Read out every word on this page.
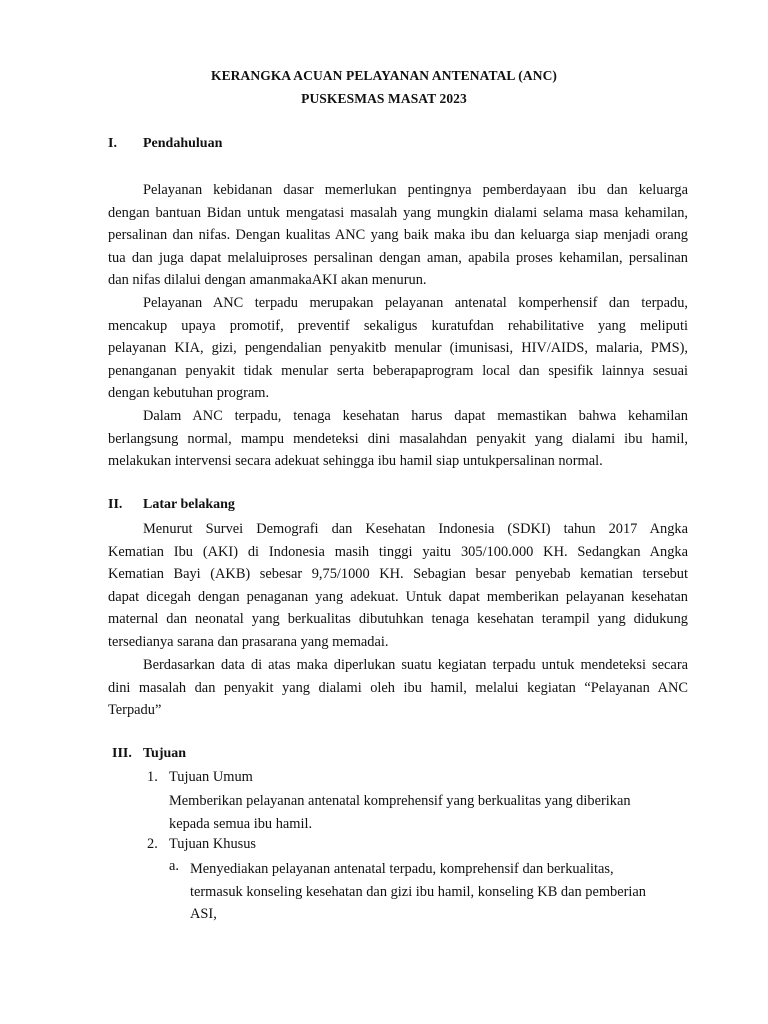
KERANGKA ACUAN PELAYANAN ANTENATAL (ANC)
PUSKESMAS MASAT 2023
I. Pendahuluan
Pelayanan kebidanan dasar memerlukan pentingnya pemberdayaan ibu dan keluarga
dengan bantuan Bidan untuk mengatasi masalah yang mungkin dialami selama masa kehamilan,
persalinan dan nifas. Dengan kualitas ANC yang baik maka ibu dan keluarga siap menjadi orang
tua dan juga dapat melaluiproses persalinan dengan aman, apabila proses kehamilan, persalinan
dan nifas dilalui dengan amanmakaAKI akan menurun.
Pelayanan ANC terpadu merupakan pelayanan antenatal komperhensif dan terpadu,
mencakup upaya promotif, preventif sekaligus kuratufdan rehabilitative yang meliputi
pelayanan KIA, gizi, pengendalian penyakitb menular (imunisasi, HIV/AIDS, malaria, PMS),
penanganan penyakit tidak menular serta beberapaprogram local dan spesifik lainnya sesuai
dengan kebutuhan program.
Dalam ANC terpadu, tenaga kesehatan harus dapat memastikan bahwa kehamilan
berlangsung normal, mampu mendeteksi dini masalahdan penyakit yang dialami ibu hamil,
melakukan intervensi secara adekuat sehingga ibu hamil siap untukpersalinan normal.
II. Latar belakang
Menurut Survei Demografi dan Kesehatan Indonesia (SDKI) tahun 2017 Angka
Kematian Ibu (AKI) di Indonesia masih tinggi yaitu 305/100.000 KH. Sedangkan Angka
Kematian Bayi (AKB) sebesar 9,75/1000 KH. Sebagian besar penyebab kematian tersebut
dapat dicegah dengan penaganan yang adekuat. Untuk dapat memberikan pelayanan kesehatan
maternal dan neonatal yang berkualitas dibutuhkan tenaga kesehatan terampil yang didukung
tersedianya sarana dan prasarana yang memadai.
Berdasarkan data di atas maka diperlukan suatu kegiatan terpadu untuk mendeteksi secara
dini masalah dan penyakit yang dialami oleh ibu hamil, melalui kegiatan “Pelayanan ANC
Terpadu”
III. Tujuan
1. Tujuan Umum
Memberikan pelayanan antenatal komprehensif yang berkualitas yang diberikan
kepada semua ibu hamil.
2. Tujuan Khusus
a. Menyediakan pelayanan antenatal terpadu, komprehensif dan berkualitas,
termasuk konseling kesehatan dan gizi ibu hamil, konseling KB dan pemberian
ASI,
